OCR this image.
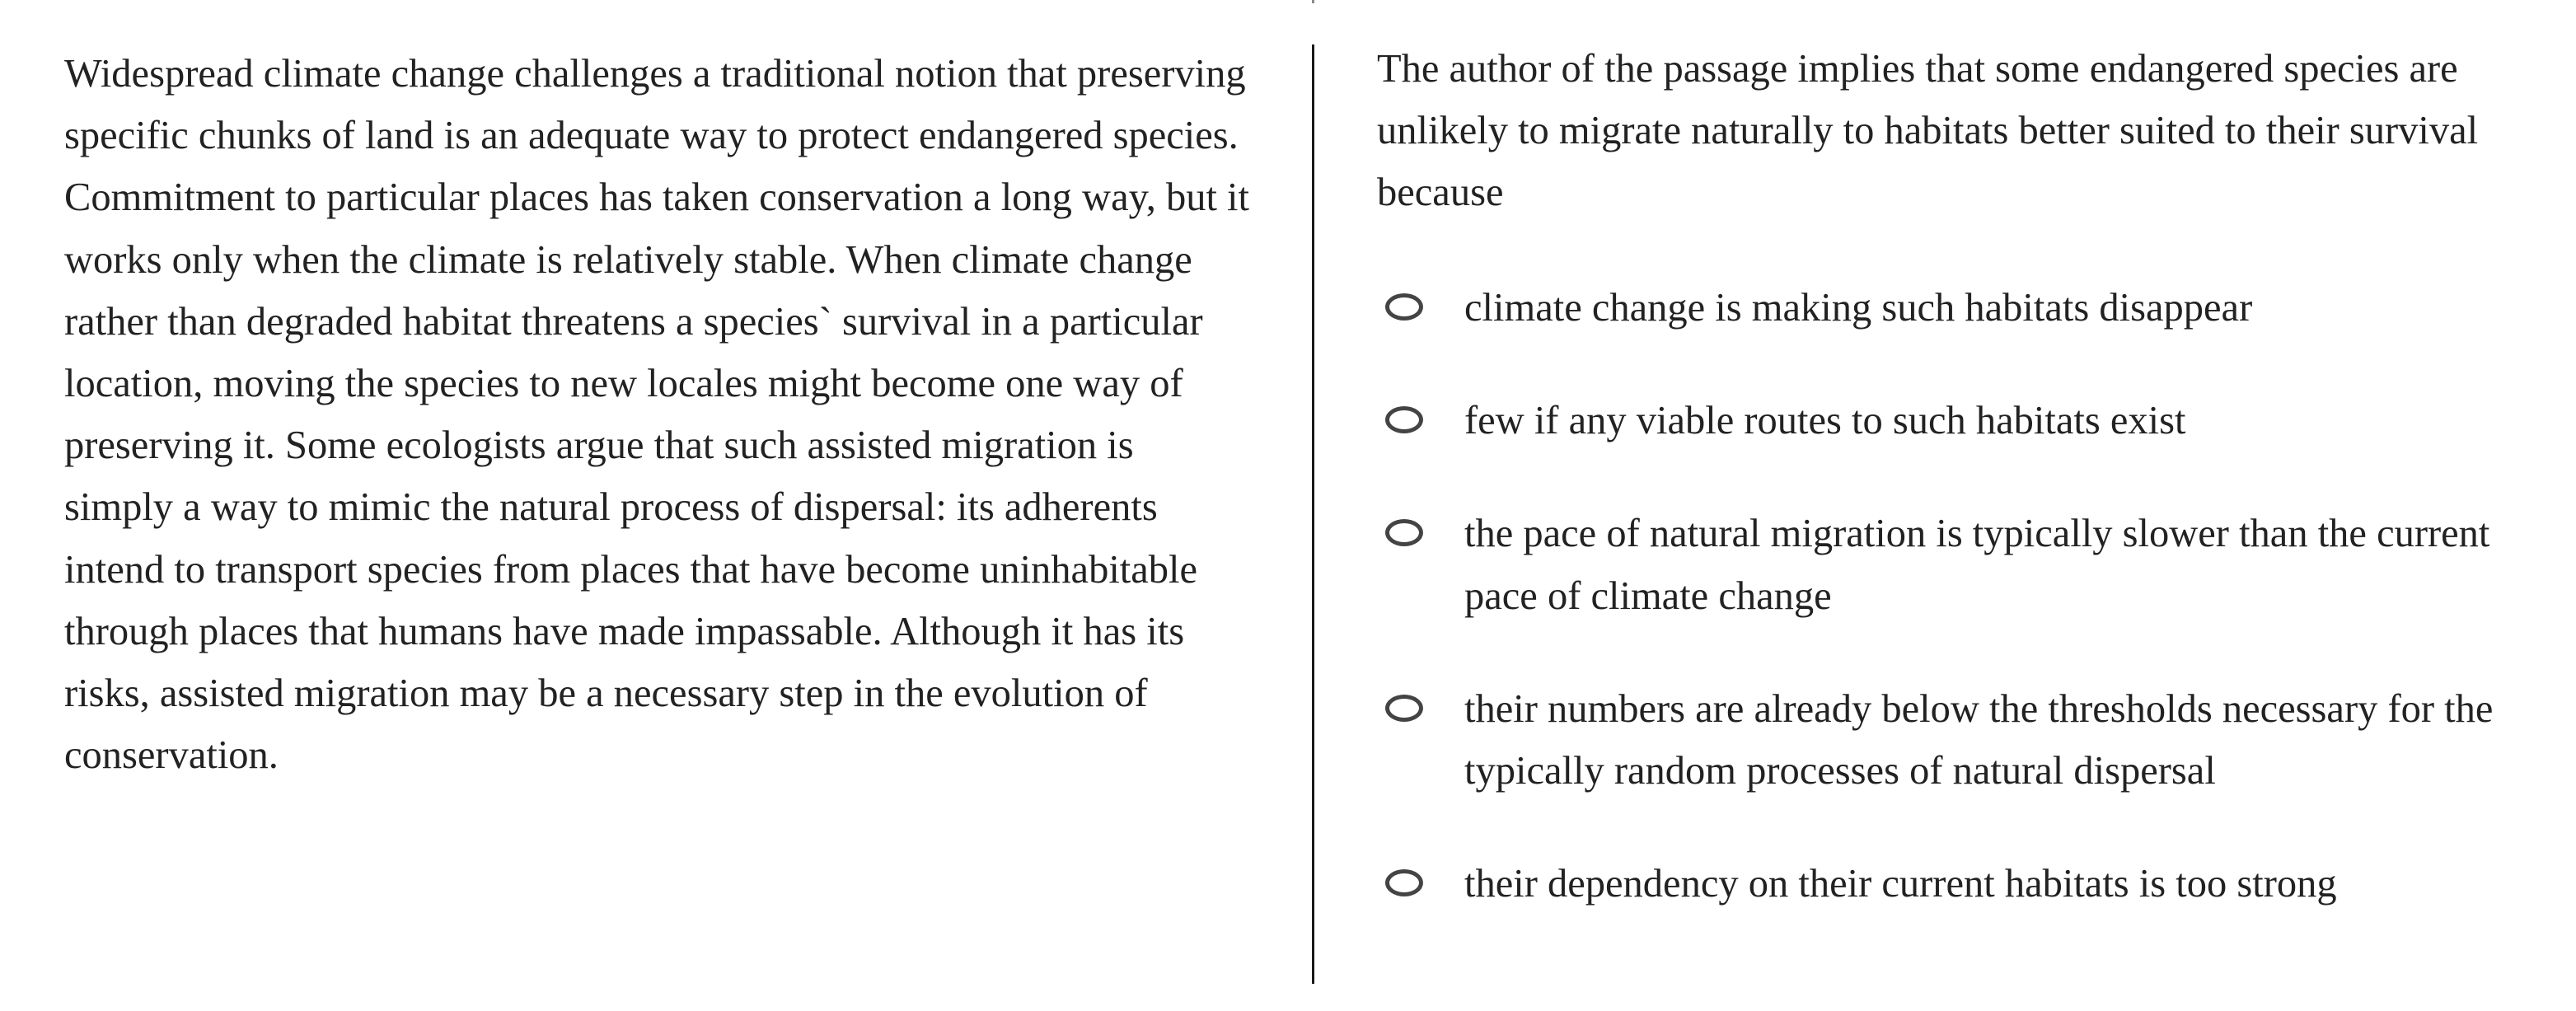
Widespread climate change challenges a traditional notion that preserving specific chunks of land is an adequate way to protect endangered species. Commitment to particular places has taken conservation a long way, but it works only when the climate is relatively stable. When climate change rather than degraded habitat threatens a species` survival in a particular location, moving the species to new locales might become one way of preserving it. Some ecologists argue that such assisted migration is simply a way to mimic the natural process of dispersal: its adherents intend to transport species from places that have become uninhabitable through places that humans have made impassable. Although it has its risks, assisted migration may be a necessary step in the evolution of conservation.

The author of the passage implies that some endangered species are unlikely to migrate naturally to habitats better suited to their survival because

climate change is making such habitats disappear
few if any viable routes to such habitats exist
the pace of natural migration is typically slower than the current pace of climate change
their numbers are already below the thresholds necessary for the typically random processes of natural dispersal
their dependency on their current habitats is too strong
